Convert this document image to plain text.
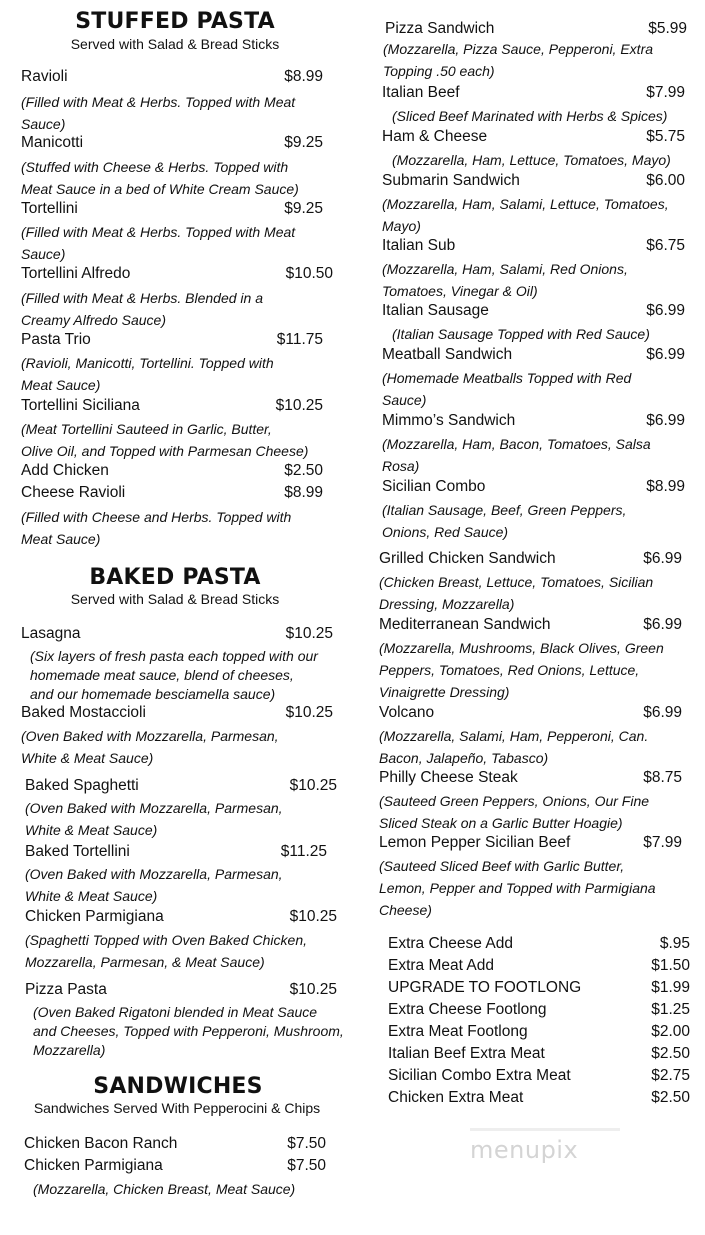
STUFFED PASTA
Served with Salad & Bread Sticks
Ravioli	$8.99
(Filled with Meat & Herbs. Topped with Meat
Sauce)
Manicotti	$9.25
(Stuffed with Cheese & Herbs. Topped with
Meat Sauce in a bed of White Cream Sauce)
Tortellini	$9.25
(Filled with Meat & Herbs. Topped with Meat
Sauce)
Tortellini Alfredo	$10.50
(Filled with Meat & Herbs. Blended in a
Creamy Alfredo Sauce)
Pasta Trio	$11.75
(Ravioli, Manicotti, Tortellini. Topped with
Meat Sauce)
Tortellini Siciliana	$10.25
(Meat Tortellini Sauteed in Garlic, Butter,
Olive Oil, and Topped with Parmesan Cheese)
Add Chicken	$2.50
Cheese Ravioli	$8.99
(Filled with Cheese and Herbs. Topped with
Meat Sauce)
BAKED PASTA
Served with Salad & Bread Sticks
Lasagna	$10.25
(Six layers of fresh pasta each topped with our
homemade meat sauce, blend of cheeses,
and our homemade besciamella sauce)
Baked Mostaccioli	$10.25
(Oven Baked with Mozzarella, Parmesan,
White & Meat Sauce)
Baked Spaghetti	$10.25
(Oven Baked with Mozzarella, Parmesan,
White & Meat Sauce)
Baked Tortellini	$11.25
(Oven Baked with Mozzarella, Parmesan,
White & Meat Sauce)
Chicken Parmigiana	$10.25
(Spaghetti Topped with Oven Baked Chicken,
Mozzarella, Parmesan, & Meat Sauce)
Pizza Pasta	$10.25
(Oven Baked Rigatoni blended in Meat Sauce
and Cheeses, Topped with Pepperoni, Mushroom,
Mozzarella)
SANDWICHES
Sandwiches Served With Pepperocini & Chips
Chicken Bacon Ranch	$7.50
Chicken Parmigiana	$7.50
(Mozzarella, Chicken Breast, Meat Sauce)
Pizza Sandwich	$5.99
(Mozzarella, Pizza Sauce, Pepperoni, Extra
Topping .50 each)
Italian Beef	$7.99
(Sliced Beef Marinated with Herbs & Spices)
Ham & Cheese	$5.75
(Mozzarella, Ham, Lettuce, Tomatoes, Mayo)
Submarin Sandwich	$6.00
(Mozzarella, Ham, Salami, Lettuce, Tomatoes,
Mayo)
Italian Sub	$6.75
(Mozzarella, Ham, Salami, Red Onions,
Tomatoes, Vinegar & Oil)
Italian Sausage	$6.99
(Italian Sausage Topped with Red Sauce)
Meatball Sandwich	$6.99
(Homemade Meatballs Topped with Red
Sauce)
Mimmo’s Sandwich	$6.99
(Mozzarella, Ham, Bacon, Tomatoes, Salsa
Rosa)
Sicilian Combo	$8.99
(Italian Sausage, Beef, Green Peppers,
Onions, Red Sauce)
Grilled Chicken Sandwich	$6.99
(Chicken Breast, Lettuce, Tomatoes, Sicilian
Dressing, Mozzarella)
Mediterranean Sandwich	$6.99
(Mozzarella, Mushrooms, Black Olives, Green
Peppers, Tomatoes, Red Onions, Lettuce,
Vinaigrette Dressing)
Volcano	$6.99
(Mozzarella, Salami, Ham, Pepperoni, Can.
Bacon, Jalapeño, Tabasco)
Philly Cheese Steak	$8.75
(Sauteed Green Peppers, Onions, Our Fine
Sliced Steak on a Garlic Butter Hoagie)
Lemon Pepper Sicilian Beef	$7.99
(Sauteed Sliced Beef with Garlic Butter,
Lemon, Pepper and Topped with Parmigiana
Cheese)
Extra Cheese Add	$.95
Extra Meat Add	$1.50
UPGRADE TO FOOTLONG	$1.99
Extra Cheese Footlong	$1.25
Extra Meat Footlong	$2.00
Italian Beef Extra Meat	$2.50
Sicilian Combo Extra Meat	$2.75
Chicken Extra Meat	$2.50
menupix
